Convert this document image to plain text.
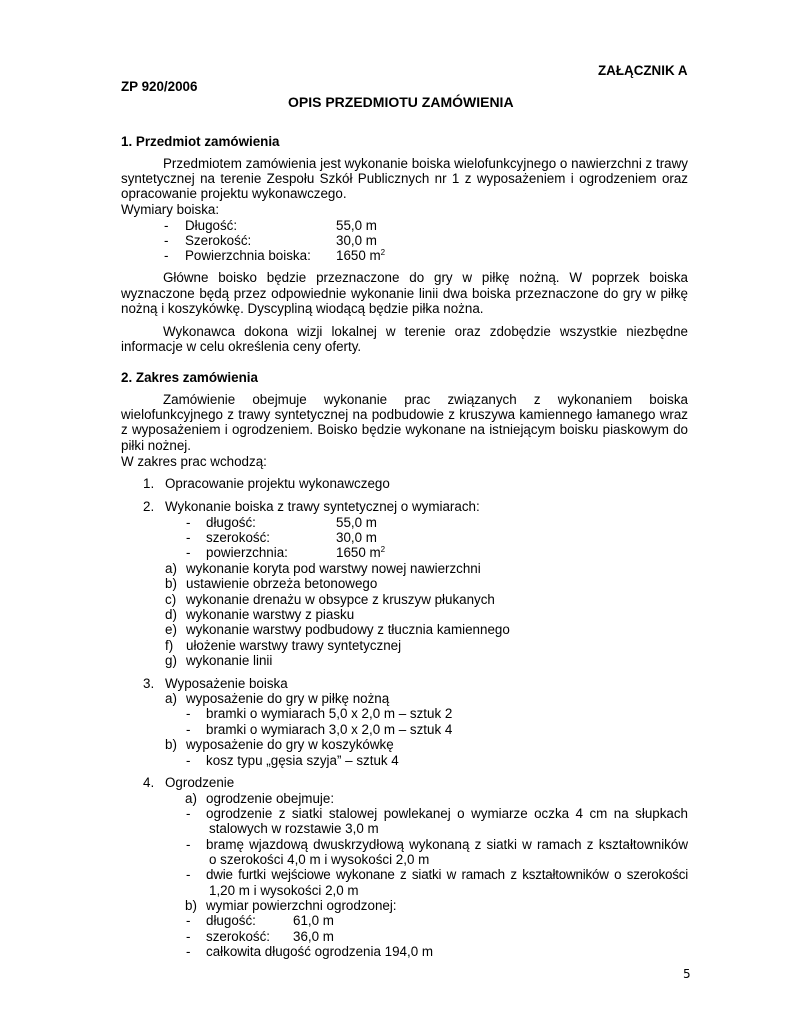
ZAŁĄCZNIK A
ZP 920/2006
OPIS PRZEDMIOTU ZAMÓWIENIA
1. Przedmiot zamówienia
Przedmiotem zamówienia jest wykonanie boiska wielofunkcyjnego o nawierzchni z trawy
syntetycznej na terenie Zespołu Szkół Publicznych nr 1 z wyposażeniem i ogrodzeniem oraz
opracowanie projektu wykonawczego.
Wymiary boiska:
- Długość:	55,0 m
- Szerokość:	30,0 m
- Powierzchnia boiska: 1650 $m^2$
Główne boisko będzie przeznaczone do gry w piłkę nożną. W poprzek boiska
wyznaczone będą przez odpowiednie wykonanie linii dwa boiska przeznaczone do gry w piłkę
nożną i koszykówkę. Dyscypliną wiodącą będzie piłka nożna.
Wykonawca dokona wizji lokalnej w terenie oraz zdobędzie wszystkie niezbędne
informacje w celu określenia ceny oferty.
2. Zakres zamówienia
Zamówienie obejmuje wykonanie prac związanych z wykonaniem boiska
wielofunkcyjnego z trawy syntetycznej na podbudowie z kruszywa kamiennego łamanego wraz
z wyposażeniem i ogrodzeniem. Boisko będzie wykonane na istniejącym boisku piaskowym do
piłki nożnej.
W zakres prac wchodzą:
1. Opracowanie projektu wykonawczego
2. Wykonanie boiska z trawy syntetycznej o wymiarach:
- długość:	55,0 m
- szerokość:	30,0 m
- powierzchnia:	1650 $m^2$
a) wykonanie koryta pod warstwy nowej nawierzchni
b) ustawienie obrzeża betonowego
c) wykonanie drenażu w obsypce z kruszyw płukanych
d) wykonanie warstwy z piasku
e) wykonanie warstwy podbudowy z tłucznia kamiennego
f) ułożenie warstwy trawy syntetycznej
g) wykonanie linii
3. Wyposażenie boiska
a) wyposażenie do gry w piłkę nożną
- bramki o wymiarach 5,0 x 2,0 m – sztuk 2
- bramki o wymiarach 3,0 x 2,0 m – sztuk 4
b) wyposażenie do gry w koszykówkę
- kosz typu „gęsia szyja” – sztuk 4
4. Ogrodzenie
a) ogrodzenie obejmuje:
- ogrodzenie z siatki stalowej powlekanej o wymiarze oczka 4 cm na słupkach
stalowych w rozstawie 3,0 m
- bramę wjazdową dwuskrzydłową wykonaną z siatki w ramach z kształtowników
o szerokości 4,0 m i wysokości 2,0 m
- dwie furtki wejściowe wykonane z siatki w ramach z kształtowników o szerokości
1,20 m i wysokości 2,0 m
b) wymiar powierzchni ogrodzonej:
- długość:	61,0 m
- szerokość: 36,0 m
- całkowita długość ogrodzenia 194,0 m
5
